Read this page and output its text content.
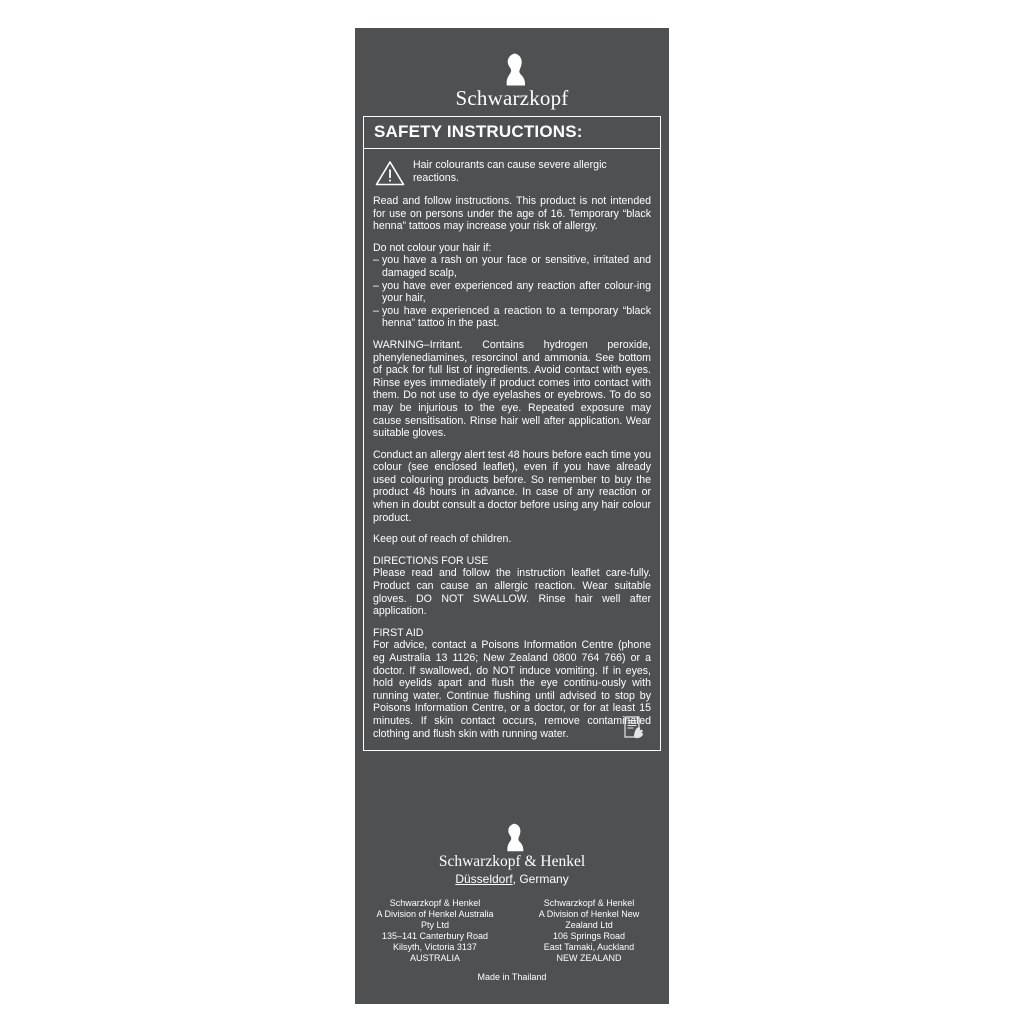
Schwarzkopf
SAFETY INSTRUCTIONS:
Hair colourants can cause severe allergic reactions.

Read and follow instructions. This product is not intended for use on persons under the age of 16. Temporary “black henna” tattoos may increase your risk of allergy.

Do not colour your hair if:

– you have a rash on your face or sensitive, irritated and damaged scalp,
– you have ever experienced any reaction after colour-ing your hair,
– you have experienced a reaction to a temporary “black henna” tattoo in the past.

WARNING–Irritant. Contains hydrogen peroxide, phenylenediamines, resorcinol and ammonia. See bottom of pack for full list of ingredients. Avoid contact with eyes. Rinse eyes immediately if product comes into contact with them. Do not use to dye eyelashes or eyebrows. To do so may be injurious to the eye. Repeated exposure may cause sensitisation. Rinse hair well after application. Wear suitable gloves.

Conduct an allergy alert test 48 hours before each time you colour (see enclosed leaflet), even if you have already used colouring products before. So remember to buy the product 48 hours in advance. In case of any reaction or when in doubt consult a doctor before using any hair colour product.

Keep out of reach of children.

DIRECTIONS FOR USE

Please read and follow the instruction leaflet care-fully. Product can cause an allergic reaction. Wear suitable gloves. DO NOT SWALLOW. Rinse hair well after application.

FIRST AID

For advice, contact a Poisons Information Centre (phone eg Australia 13 1126; New Zealand 0800 764 766) or a doctor. If swallowed, do NOT induce vomiting. If in eyes, hold eyelids apart and flush the eye continu-ously with running water. Continue flushing until advised to stop by Poisons Information Centre, or a doctor, or for at least 15 minutes. If skin contact occurs, remove contaminated clothing and flush skin with running water.

Schwarzkopf & Henkel
Düsseldorf, Germany
Schwarzkopf & Henkel
A Division of Henkel Australia Pty Ltd
135–141 Canterbury Road
Kilsyth, Victoria 3137
AUSTRALIA
Schwarzkopf & Henkel
A Division of Henkel New Zealand Ltd
106 Springs Road
East Tamaki, Auckland
NEW ZEALAND
Made in Thailand
